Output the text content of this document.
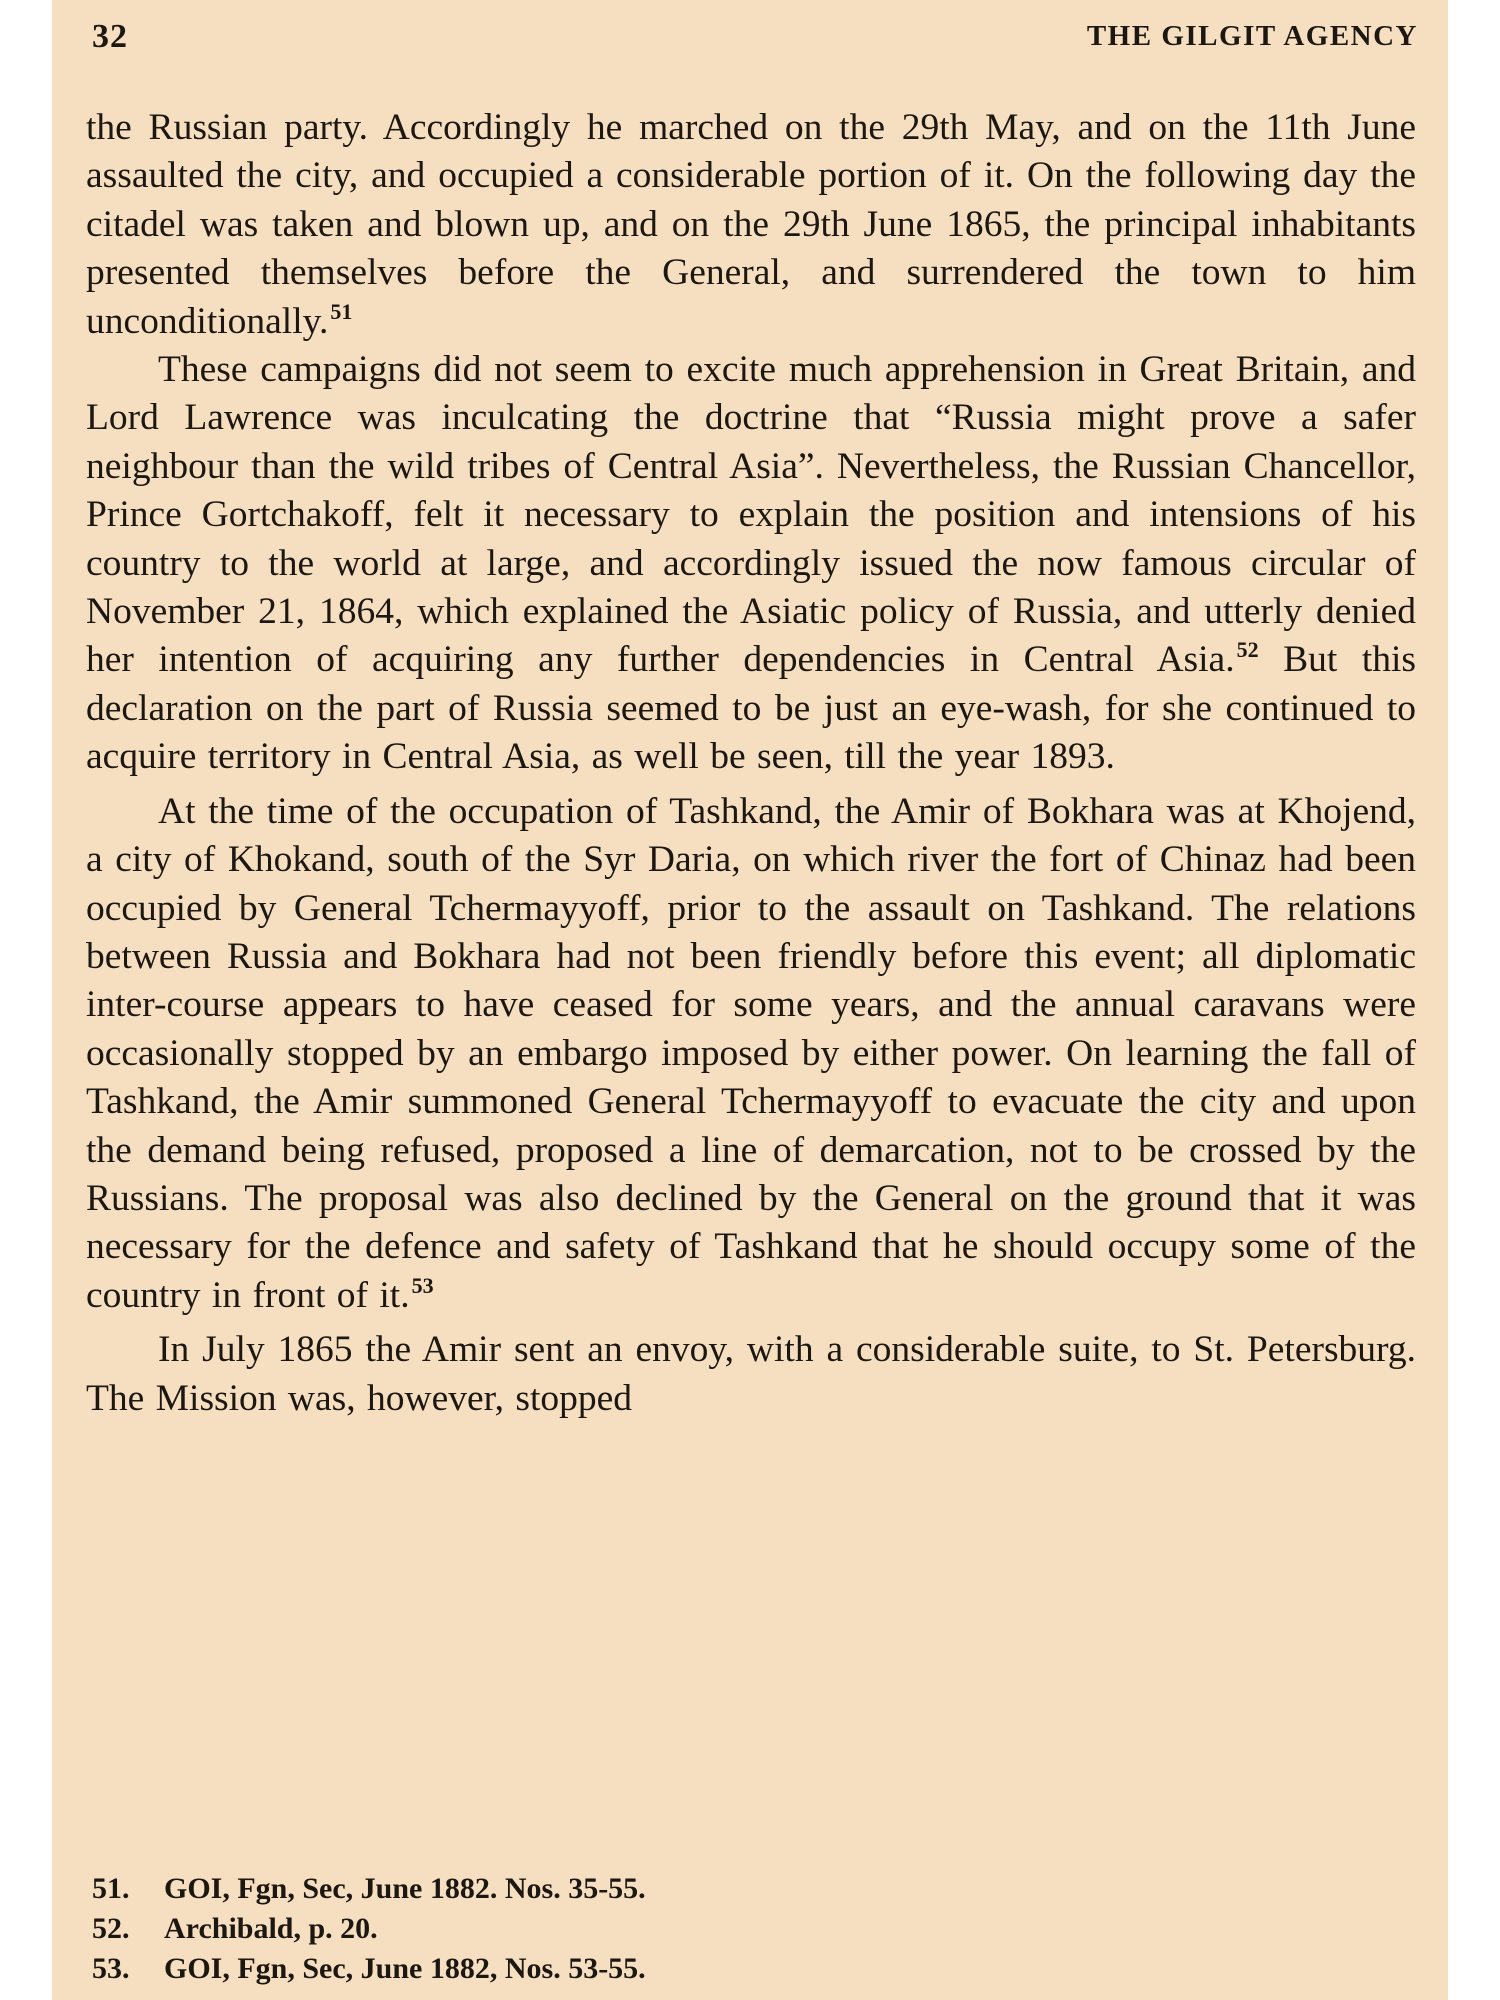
32	THE GILGIT AGENCY

the Russian party. Accordingly he marched on the 29th May, and on the 11th June assaulted the city, and occupied a considerable portion of it. On the following day the citadel was taken and blown up, and on the 29th June 1865, the principal inhabitants presented themselves before the General, and surrendered the town to him unconditionally.$^{51}$

These campaigns did not seem to excite much apprehension in Great Britain, and Lord Lawrence was inculcating the doctrine that “Russia might prove a safer neighbour than the wild tribes of Central Asia”. Nevertheless, the Russian Chancellor, Prince Gortchakoff, felt it necessary to explain the position and intensions of his country to the world at large, and accordingly issued the now famous circular of November 21, 1864, which explained the Asiatic policy of Russia, and utterly denied her intention of acquiring any further dependencies in Central Asia.$^{52}$ But this declaration on the part of Russia seemed to be just an eye-wash, for she continued to acquire territory in Central Asia, as well be seen, till the year 1893.

At the time of the occupation of Tashkand, the Amir of Bokhara was at Khojend, a city of Khokand, south of the Syr Daria, on which river the fort of Chinaz had been occupied by General Tchermayyoff, prior to the assault on Tashkand. The relations between Russia and Bokhara had not been friendly before this event; all diplomatic inter-course appears to have ceased for some years, and the annual caravans were occasionally stopped by an embargo imposed by either power. On learning the fall of Tashkand, the Amir summoned General Tchermayyoff to evacuate the city and upon the demand being refused, proposed a line of demarcation, not to be crossed by the Russians. The proposal was also declined by the General on the ground that it was necessary for the defence and safety of Tashkand that he should occupy some of the country in front of it.$^{53}$

In July 1865 the Amir sent an envoy, with a considerable suite, to St. Petersburg. The Mission was, however, stopped

51. GOI, Fgn, Sec, June 1882. Nos. 35-55.
52. Archibald, p. 20.
53. GOI, Fgn, Sec, June 1882, Nos. 53-55.
